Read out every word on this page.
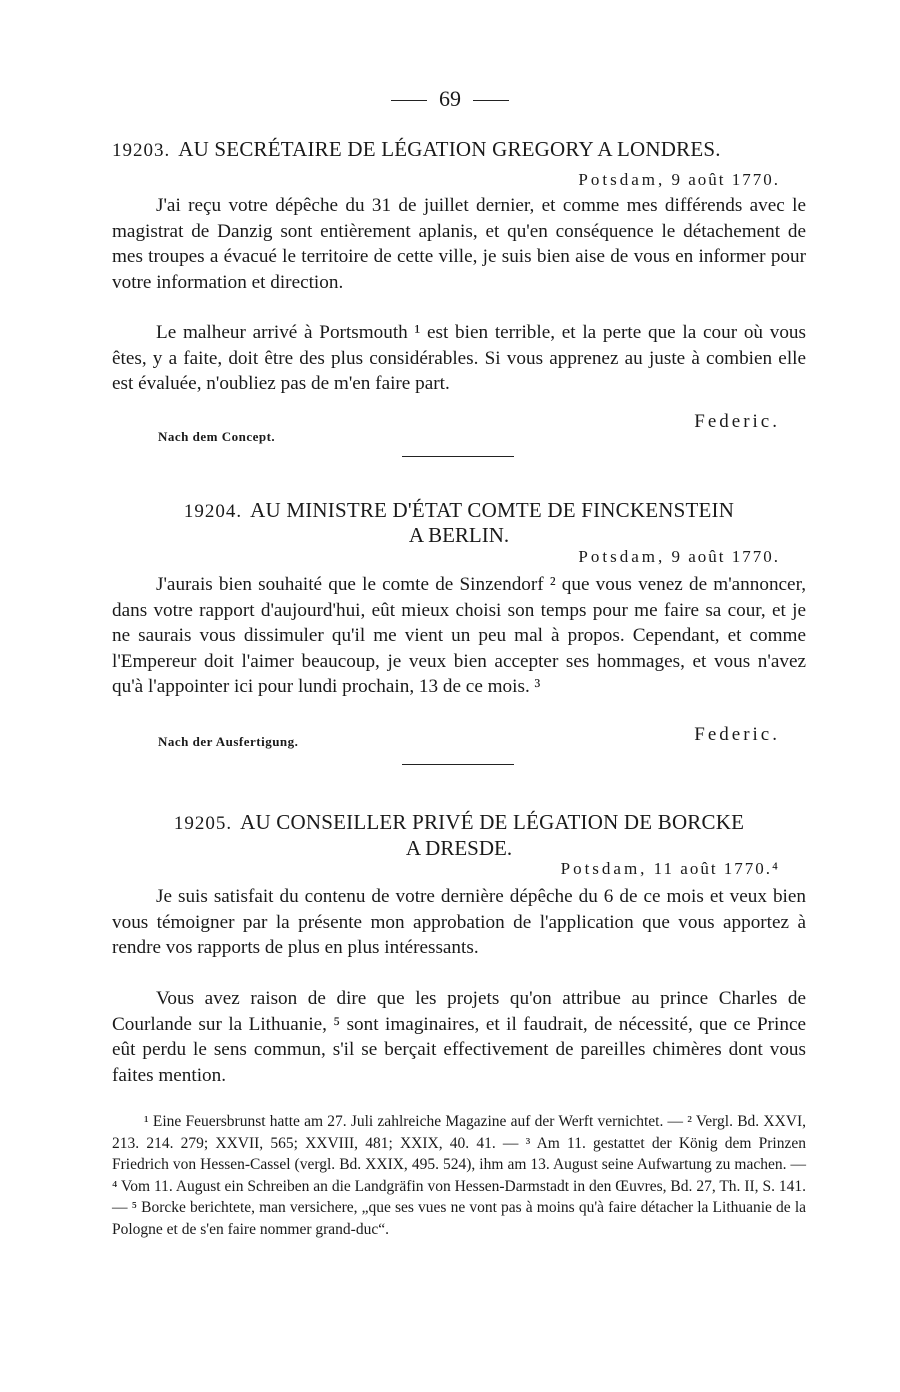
69
19203. AU SECRÉTAIRE DE LÉGATION GREGORY A LONDRES.
Potsdam, 9 août 1770.

J'ai reçu votre dépêche du 31 de juillet dernier, et comme mes différends avec le magistrat de Danzig sont entièrement aplanis, et qu'en conséquence le détachement de mes troupes a évacué le territoire de cette ville, je suis bien aise de vous en informer pour votre information et direction.

Le malheur arrivé à Portsmouth ¹ est bien terrible, et la perte que la cour où vous êtes, y a faite, doit être des plus considérables. Si vous apprenez au juste à combien elle est évaluée, n'oubliez pas de m'en faire part.

Federic.
Nach dem Concept.
19204. AU MINISTRE D'ÉTAT COMTE DE FINCKENSTEIN
A BERLIN.
Potsdam, 9 août 1770.

J'aurais bien souhaité que le comte de Sinzendorf ² que vous venez de m'annoncer, dans votre rapport d'aujourd'hui, eût mieux choisi son temps pour me faire sa cour, et je ne saurais vous dissimuler qu'il me vient un peu mal à propos. Cependant, et comme l'Empereur doit l'aimer beaucoup, je veux bien accepter ses hommages, et vous n'avez qu'à l'appointer ici pour lundi prochain, 13 de ce mois. ³

Federic.
Nach der Ausfertigung.
19205. AU CONSEILLER PRIVÉ DE LÉGATION DE BORCKE
A DRESDE.
Potsdam, 11 août 1770.⁴

Je suis satisfait du contenu de votre dernière dépêche du 6 de ce mois et veux bien vous témoigner par la présente mon approbation de l'application que vous apportez à rendre vos rapports de plus en plus intéressants.

Vous avez raison de dire que les projets qu'on attribue au prince Charles de Courlande sur la Lithuanie, ⁵ sont imaginaires, et il faudrait, de nécessité, que ce Prince eût perdu le sens commun, s'il se berçait effectivement de pareilles chimères dont vous faites mention.

¹ Eine Feuersbrunst hatte am 27. Juli zahlreiche Magazine auf der Werft vernichtet. — ² Vergl. Bd. XXVI, 213. 214. 279; XXVII, 565; XXVIII, 481; XXIX, 40. 41. — ³ Am 11. gestattet der König dem Prinzen Friedrich von Hessen-Cassel (vergl. Bd. XXIX, 495. 524), ihm am 13. August seine Aufwartung zu machen. — ⁴ Vom 11. August ein Schreiben an die Landgräfin von Hessen-Darmstadt in den Œuvres, Bd. 27, Th. II, S. 141. — ⁵ Borcke berichtete, man versichere, „que ses vues ne vont pas à moins qu'à faire détacher la Lithuanie de la Pologne et de s'en faire nommer grand-duc“.
